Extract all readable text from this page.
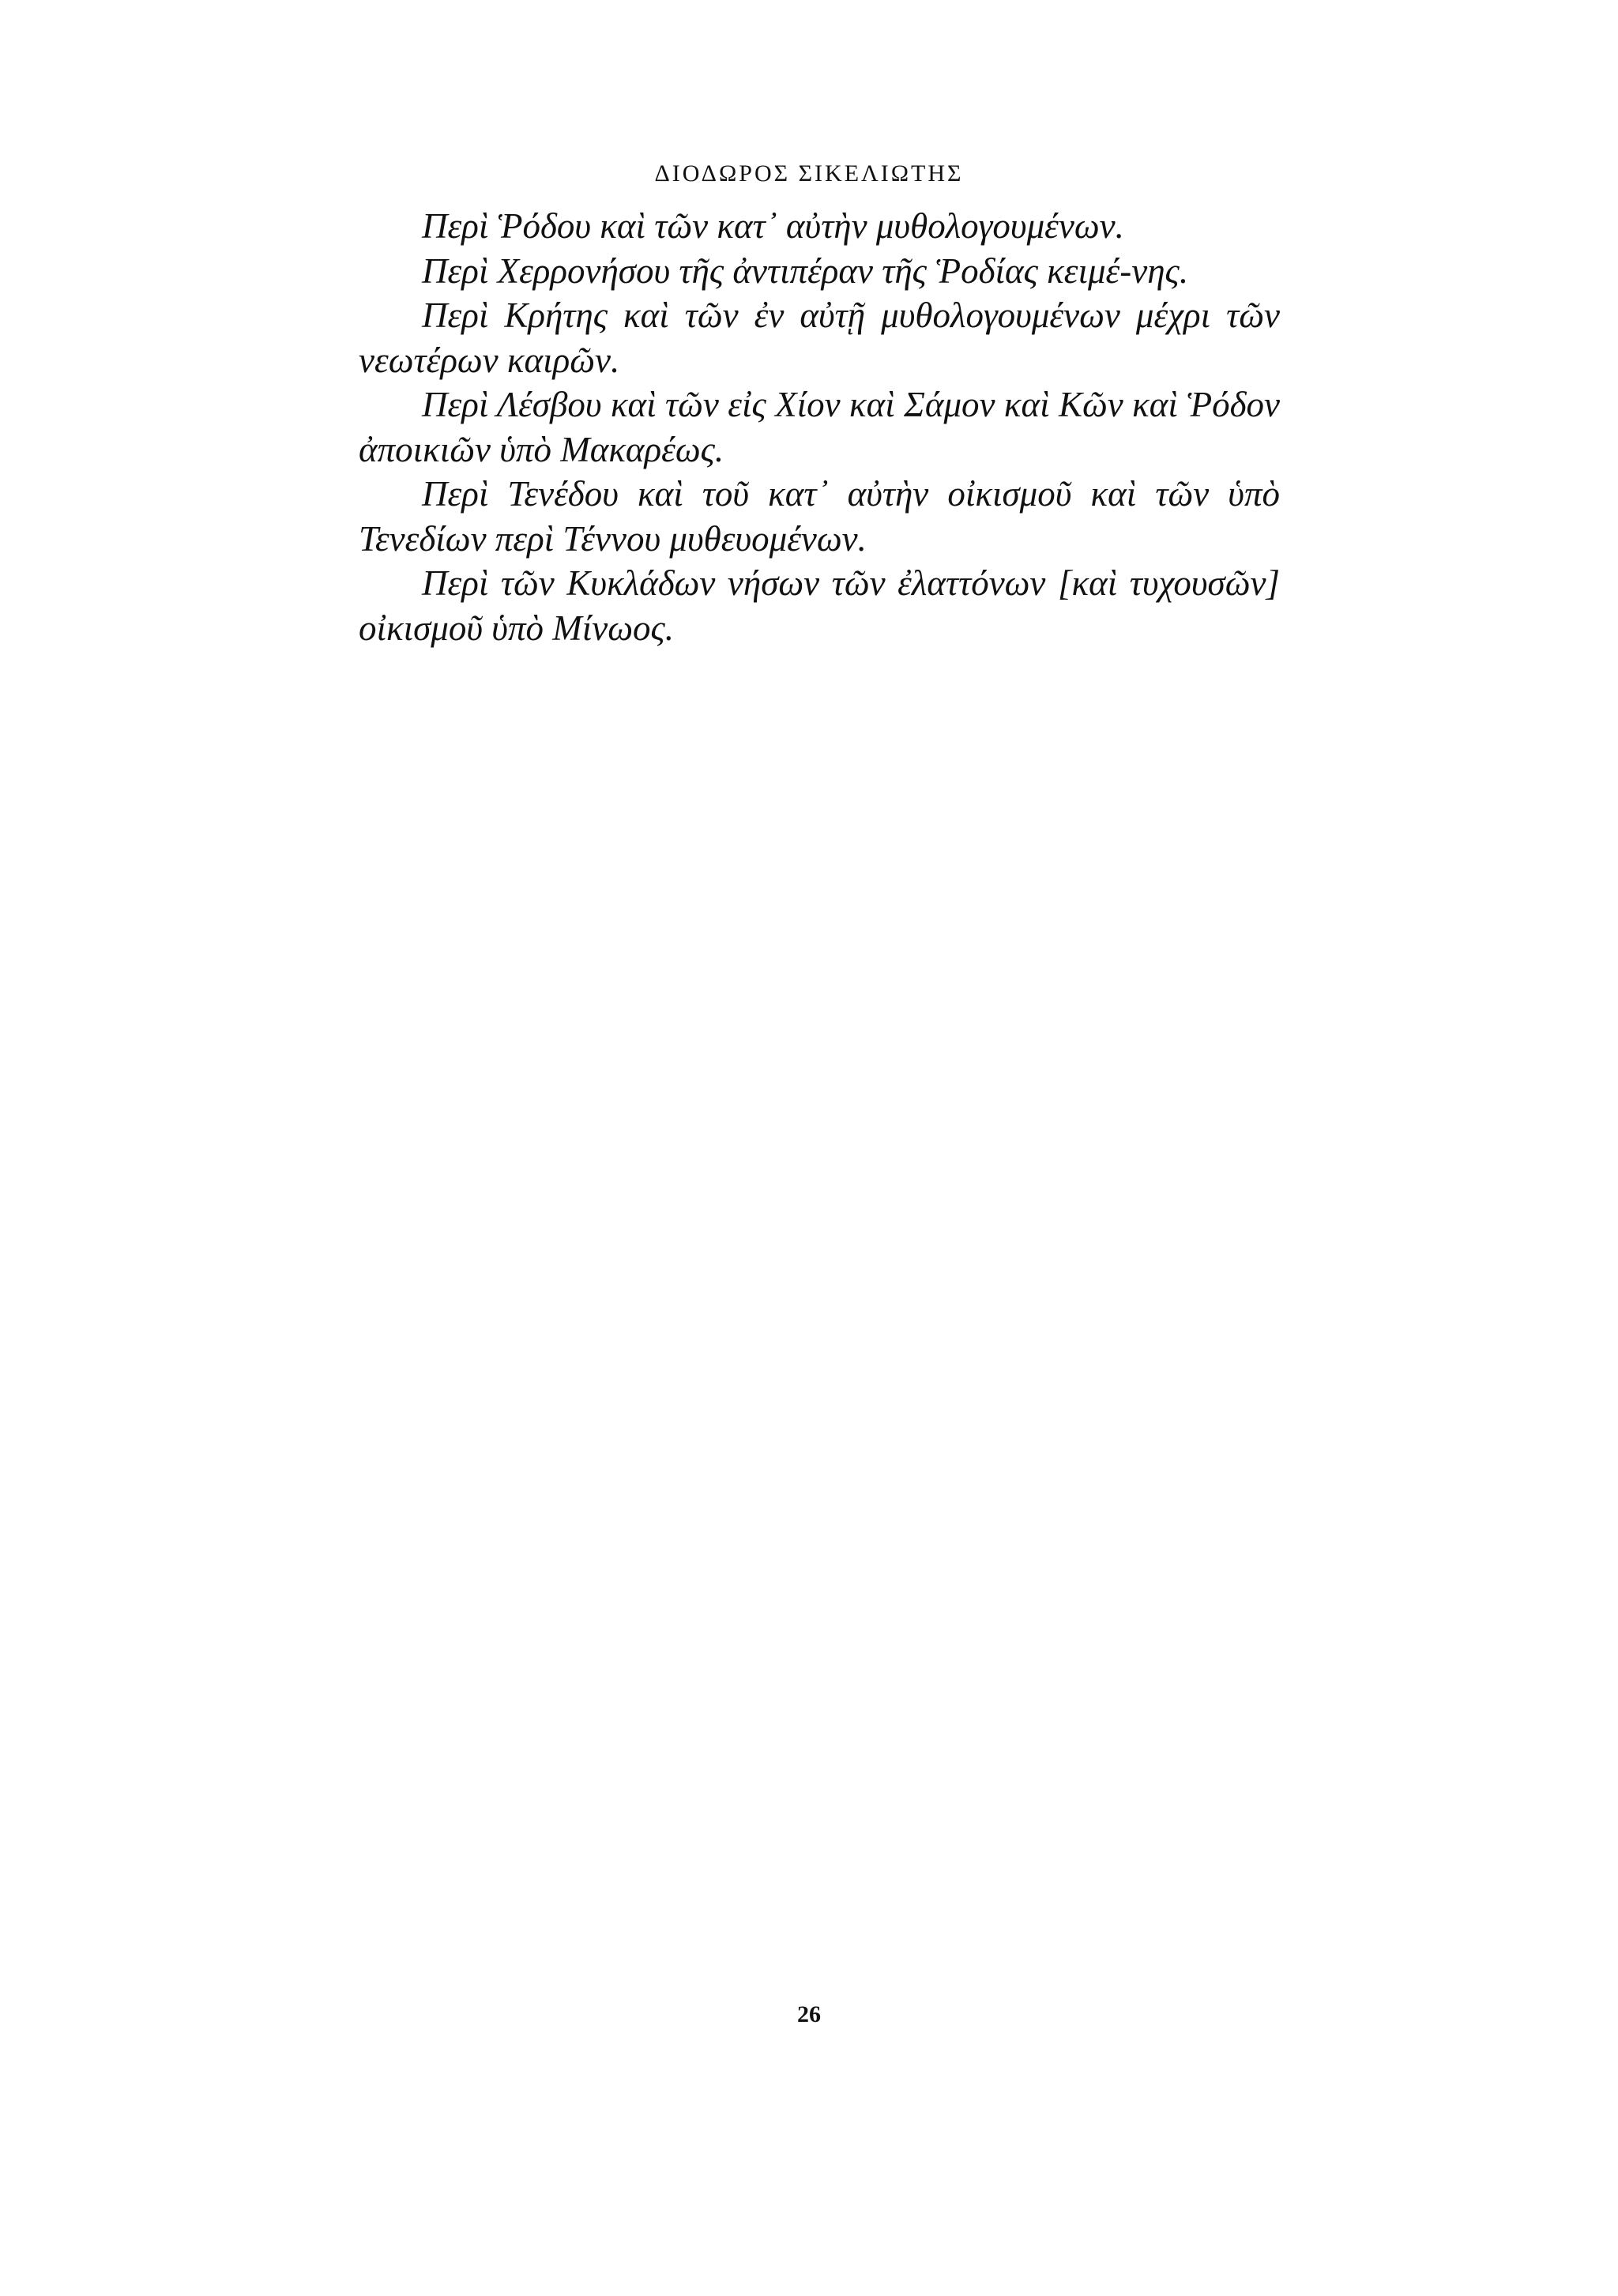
ΔΙΟΔΩΡΟΣ ΣΙΚΕΛΙΩΤΗΣ

Περὶ Ῥόδου καὶ τῶν κατ᾽ αὐτὴν μυθολογουμένων.

Περὶ Χερρονήσου τῆς ἀντιπέραν τῆς Ῥοδίας κειμέ-νης.

Περὶ Κρήτης καὶ τῶν ἐν αὐτῇ μυθολογουμένων μέχρι τῶν νεωτέρων καιρῶν.

Περὶ Λέσβου καὶ τῶν εἰς Χίον καὶ Σάμον καὶ Κῶν καὶ Ῥόδον ἀποικιῶν ὑπὸ Μακαρέως.

Περὶ Τενέδου καὶ τοῦ κατ᾽ αὐτὴν οἰκισμοῦ καὶ τῶν ὑπὸ Τενεδίων περὶ Τέννου μυθευομένων.

Περὶ τῶν Κυκλάδων νήσων τῶν ἐλαττόνων [καὶ τυχουσῶν] οἰκισμοῦ ὑπὸ Μίνωος.

26
